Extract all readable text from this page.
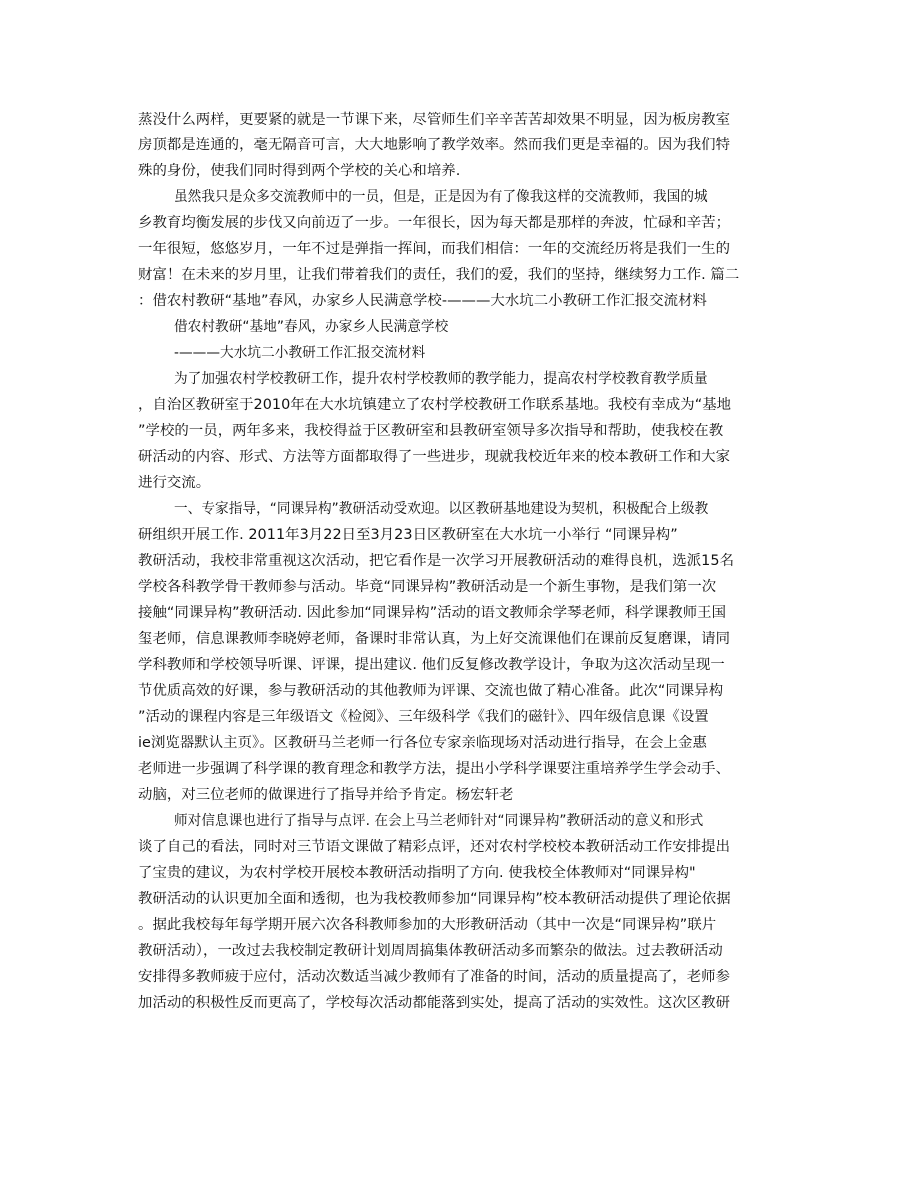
蒸没什么两样，更要紧的就是一节课下来，尽管师生们辛辛苦苦却效果不明显，因为板房教室
房顶都是连通的，毫无隔音可言，大大地影响了教学效率。然而我们更是幸福的。因为我们特
殊的身份，使我们同时得到两个学校的关心和培养.
虽然我只是众多交流教师中的一员，但是，正是因为有了像我这样的交流教师，我国的城
乡教育均衡发展的步伐又向前迈了一步。一年很长，因为每天都是那样的奔波，忙碌和辛苦；
一年很短，悠悠岁月，一年不过是弹指一挥间，而我们相信：一年的交流经历将是我们一生的
财富！在未来的岁月里，让我们带着我们的责任，我们的爱，我们的坚持，继续努力工作. 篇二
：借农村教研“基地”春风，办家乡人民满意学校-———大水坑二小教研工作汇报交流材料
借农村教研“基地”春风，办家乡人民满意学校
-———大水坑二小教研工作汇报交流材料
为了加强农村学校教研工作，提升农村学校教师的教学能力，提高农村学校教育教学质量
，自治区教研室于2010年在大水坑镇建立了农村学校教研工作联系基地。我校有幸成为“基地
”学校的一员，两年多来，我校得益于区教研室和县教研室领导多次指导和帮助，使我校在教
研活动的内容、形式、方法等方面都取得了一些进步，现就我校近年来的校本教研工作和大家
进行交流。
一、专家指导，“同课异构”教研活动受欢迎。以区教研基地建设为契机，积极配合上级教
研组织开展工作. 2011年3月22日至3月23日区教研室在大水坑一小举行 “同课异构”
教研活动，我校非常重视这次活动，把它看作是一次学习开展教研活动的难得良机，选派15名
学校各科教学骨干教师参与活动。毕竟“同课异构”教研活动是一个新生事物，是我们第一次
接触“同课异构”教研活动. 因此参加“同课异构”活动的语文教师余学琴老师，科学课教师王国
玺老师，信息课教师李晓婷老师，备课时非常认真，为上好交流课他们在课前反复磨课，请同
学科教师和学校领导听课、评课，提出建议. 他们反复修改教学设计，争取为这次活动呈现一
节优质高效的好课，参与教研活动的其他教师为评课、交流也做了精心准备。此次“同课异构
”活动的课程内容是三年级语文《检阅》、三年级科学《我们的磁针》、四年级信息课《设置
ie浏览器默认主页》。区教研马兰老师一行各位专家亲临现场对活动进行指导，在会上金惠
老师进一步强调了科学课的教育理念和教学方法，提出小学科学课要注重培养学生学会动手、
动脑，对三位老师的做课进行了指导并给予肯定。杨宏轩老
师对信息课也进行了指导与点评. 在会上马兰老师针对“同课异构”教研活动的意义和形式
谈了自己的看法，同时对三节语文课做了精彩点评，还对农村学校校本教研活动工作安排提出
了宝贵的建议，为农村学校开展校本教研活动指明了方向. 使我校全体教师对“同课异构"
教研活动的认识更加全面和透彻，也为我校教师参加“同课异构”校本教研活动提供了理论依据
。据此我校每年每学期开展六次各科教师参加的大形教研活动（其中一次是“同课异构”联片
教研活动），一改过去我校制定教研计划周周搞集体教研活动多而繁杂的做法。过去教研活动
安排得多教师疲于应付，活动次数适当减少教师有了准备的时间，活动的质量提高了，老师参
加活动的积极性反而更高了，学校每次活动都能落到实处，提高了活动的实效性。这次区教研
